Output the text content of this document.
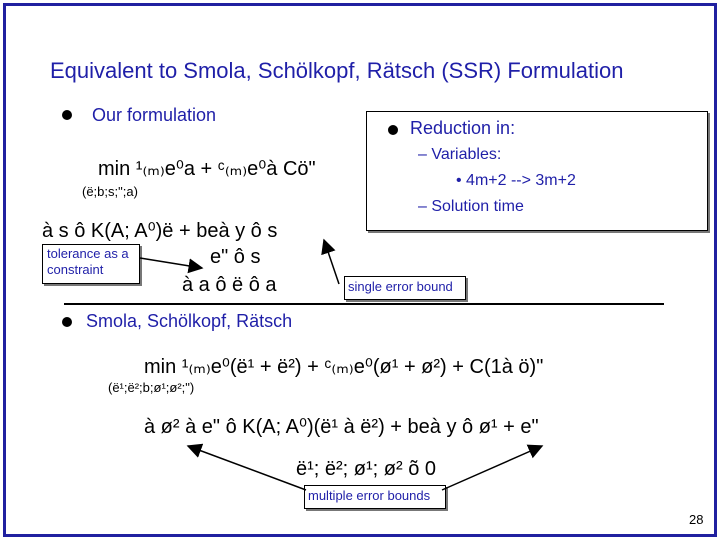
Equivalent to Smola, Schölkopf, Rätsch (SSR) Formulation
Our formulation
min ¹₍ₘ₎e⁰a + ᶜ₍ₘ₎e⁰à Cö"
(ë;b;s;";a)
à s ô K(A; A⁰)ë + beà y ô s
e" ô s
à a ô ë ô a
Reduction in:
– Variables:
• 4m+2 --> 3m+2
– Solution time
tolerance as a constraint
single error bound
Smola, Schölkopf, Rätsch
min ¹₍ₘ₎e⁰(ë¹ + ë²) + ᶜ₍ₘ₎e⁰(ø¹ + ø²) + C(1à ö)"
(ë¹;ë²;b;ø¹;ø²;")
à ø² à e" ô K(A; A⁰)(ë¹ à ë²) + beà y ô ø¹ + e"
ë¹; ë²; ø¹; ø² õ 0
multiple error bounds
28
